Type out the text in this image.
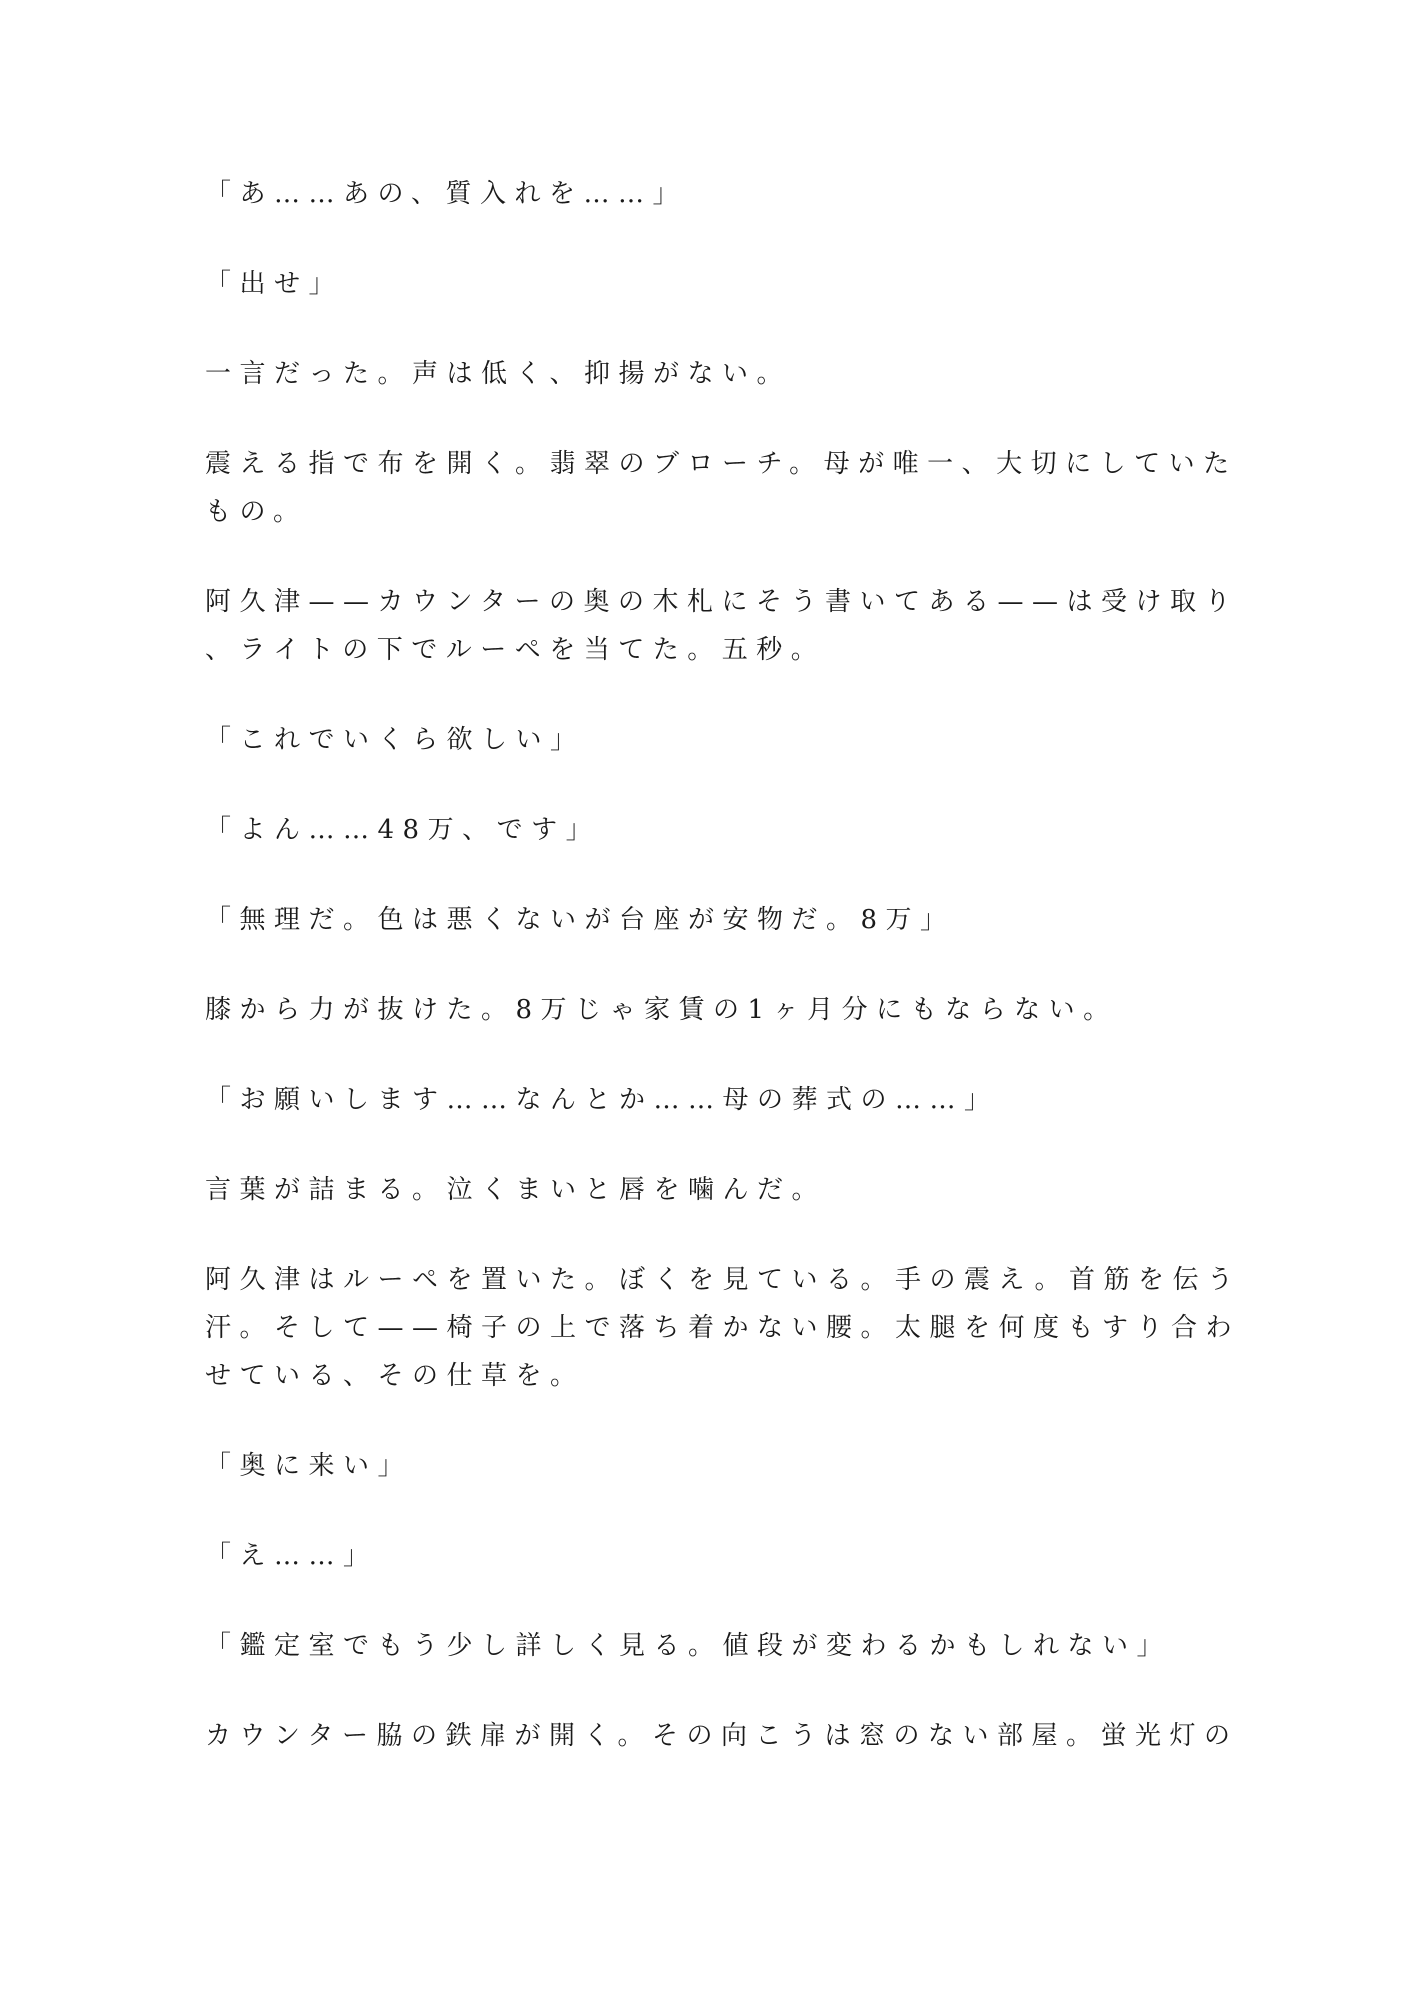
「あ……あの、質入れを……」

「出せ」

一言だった。声は低く、抑揚がない。

震える指で布を開く。翡翠のブローチ。母が唯一、大切にしていた
もの。

阿久津——カウンターの奥の木札にそう書いてある——は受け取り
、ライトの下でルーペを当てた。五秒。

「これでいくら欲しい」

「よん……48万、です」

「無理だ。色は悪くないが台座が安物だ。8万」

膝から力が抜けた。8万じゃ家賃の1ヶ月分にもならない。

「お願いします……なんとか……母の葬式の……」

言葉が詰まる。泣くまいと唇を噛んだ。

阿久津はルーペを置いた。ぼくを見ている。手の震え。首筋を伝う
汗。そして——椅子の上で落ち着かない腰。太腿を何度もすり合わ
せている、その仕草を。

「奥に来い」

「え……」

「鑑定室でもう少し詳しく見る。値段が変わるかもしれない」

カウンター脇の鉄扉が開く。その向こうは窓のない部屋。蛍光灯の
